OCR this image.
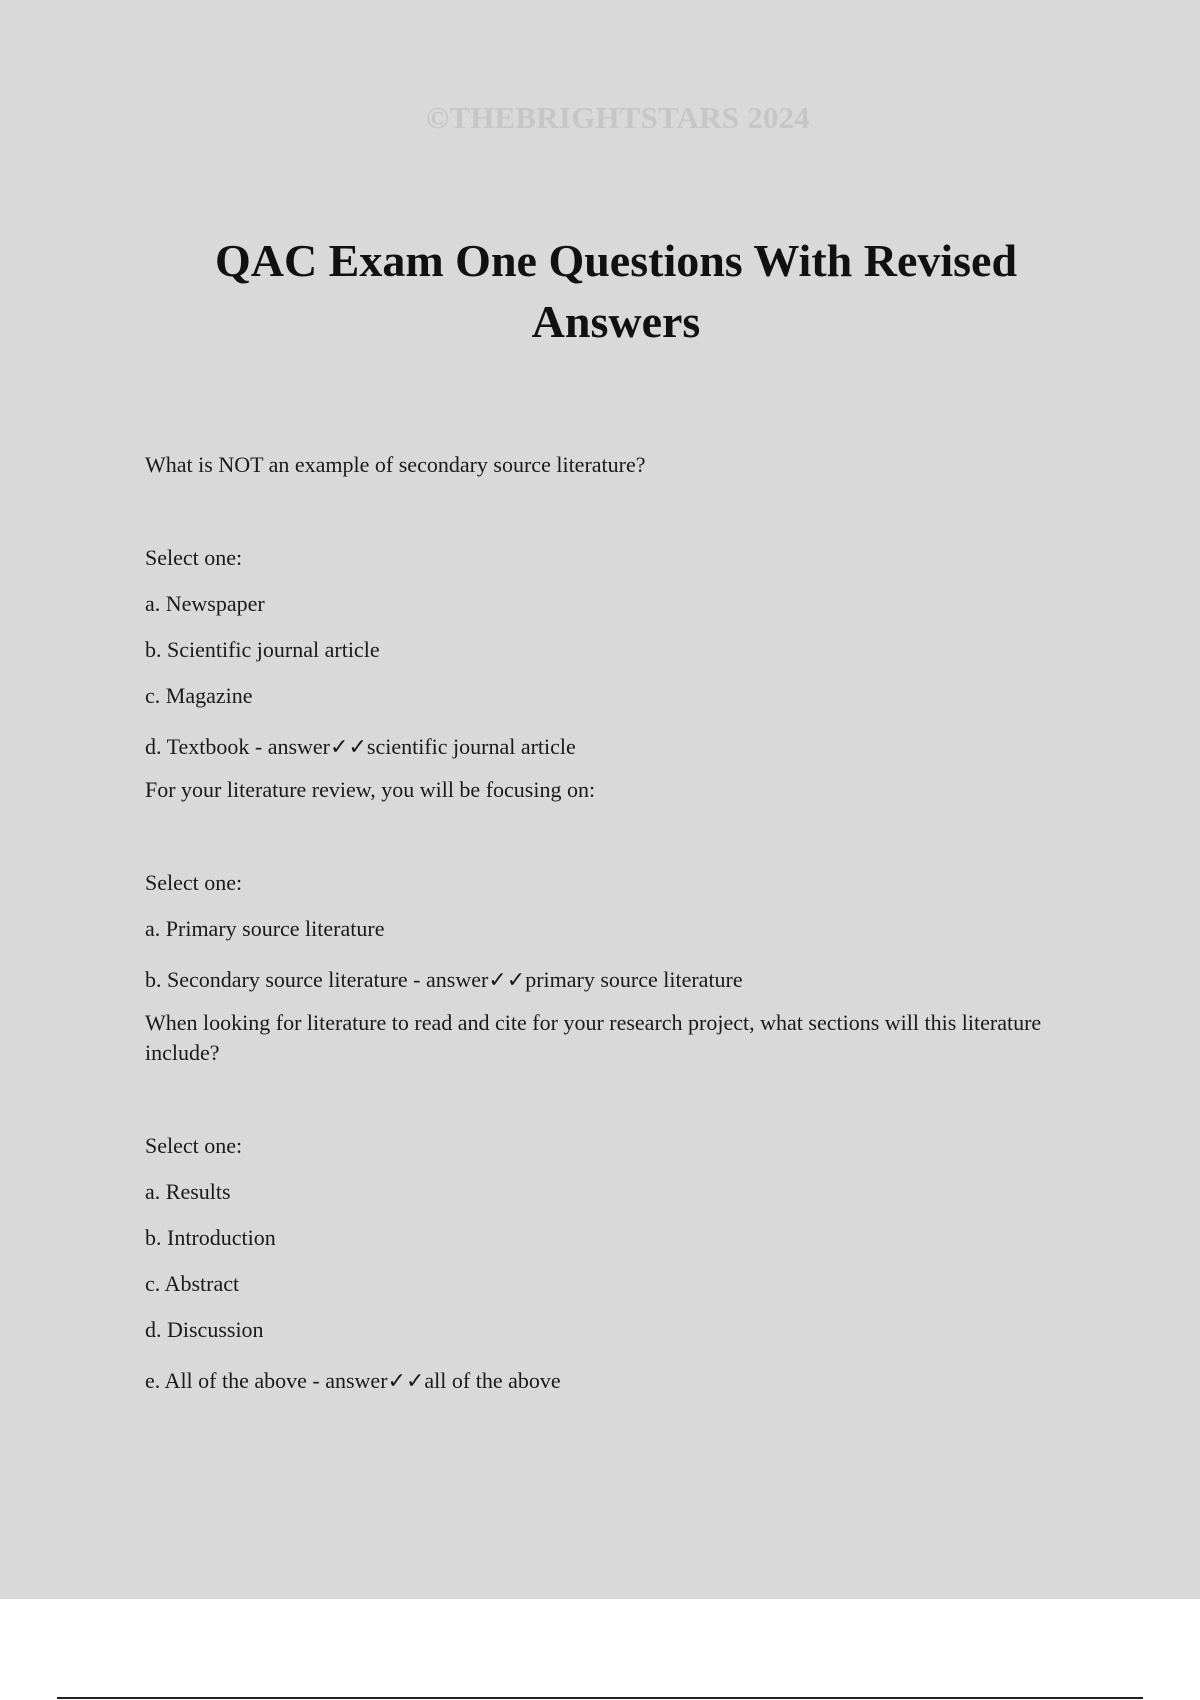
©THEBRIGHTSTARS 2024
QAC Exam One Questions With Revised Answers

What is NOT an example of secondary source literature?

Select one:

a. Newspaper

b. Scientific journal article

c. Magazine

d. Textbook - answer✓✓scientific journal article

For your literature review, you will be focusing on:

Select one:

a. Primary source literature

b. Secondary source literature - answer✓✓primary source literature

When looking for literature to read and cite for your research project, what sections will this literature include?

Select one:

a. Results

b. Introduction

c. Abstract

d. Discussion

e. All of the above - answer✓✓all of the above
